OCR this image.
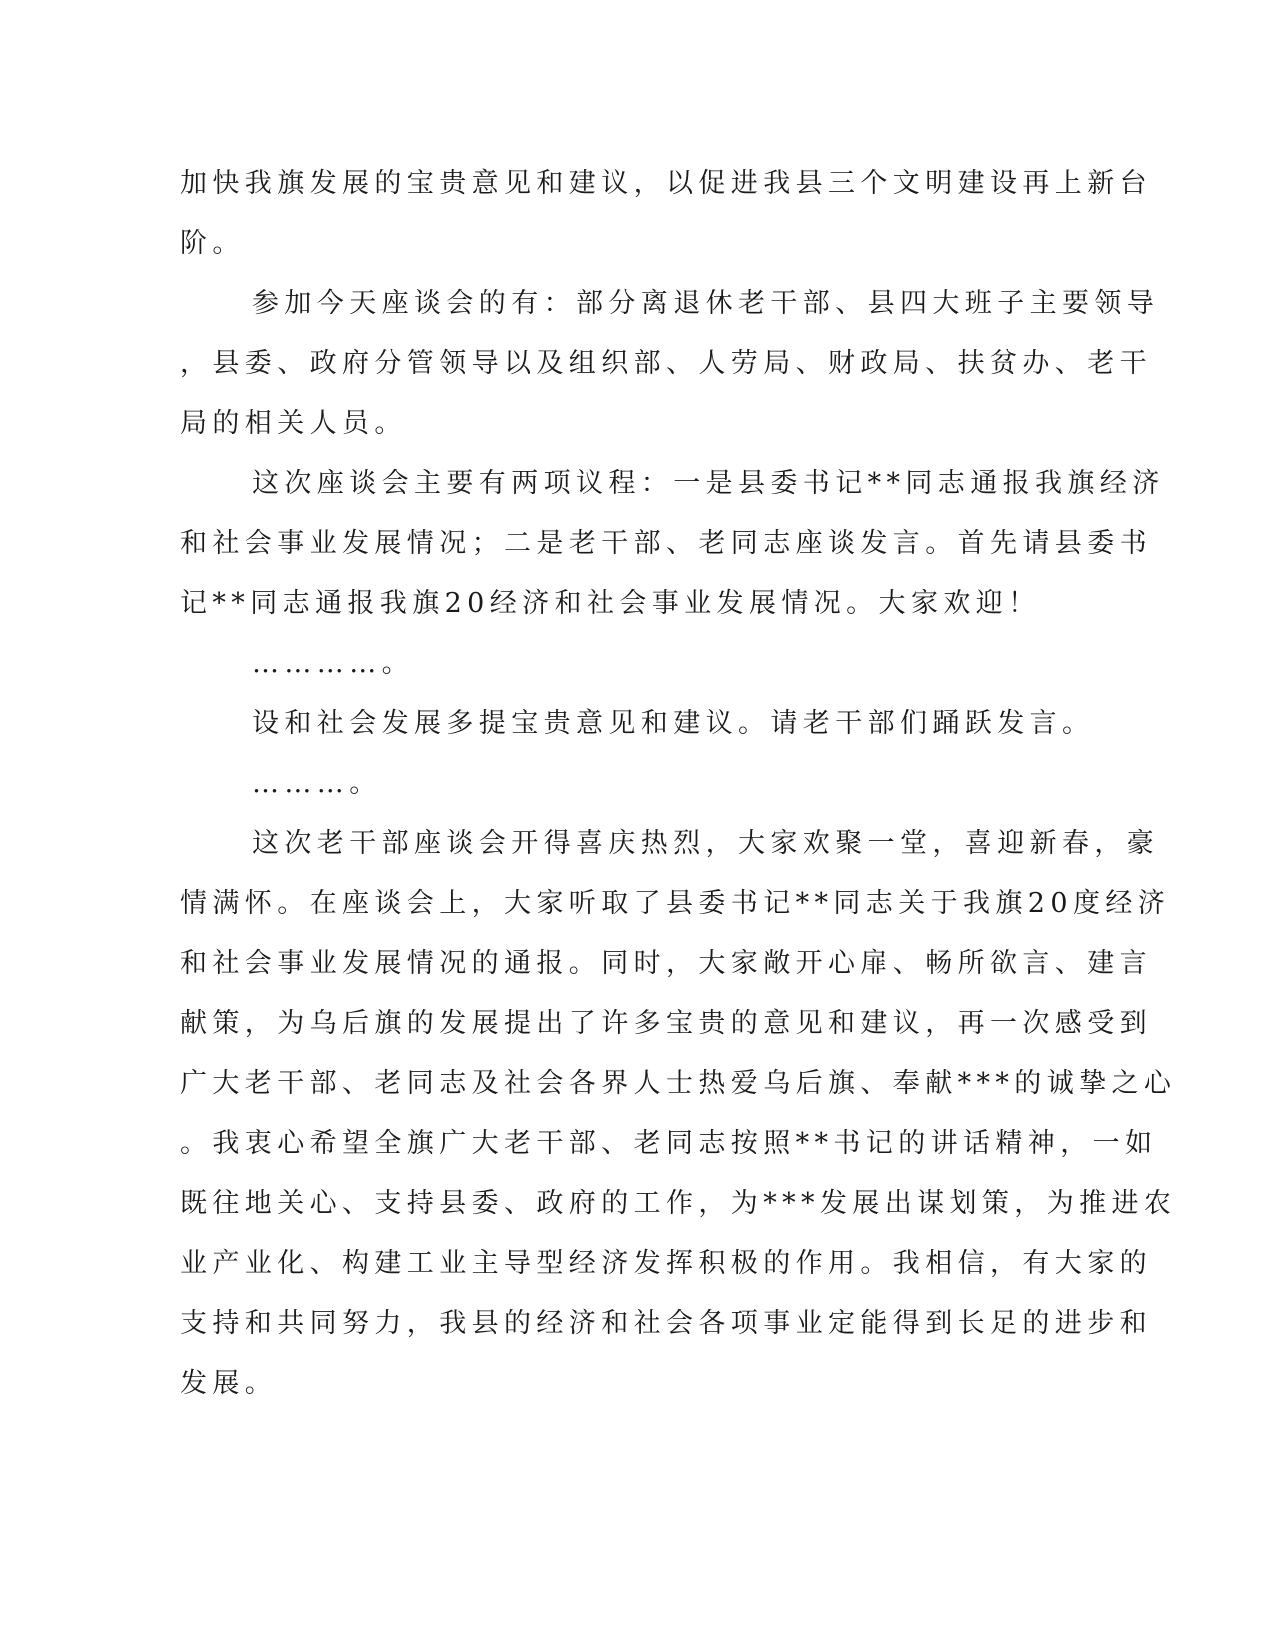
加快我旗发展的宝贵意见和建议，以促进我县三个文明建设再上新台
阶。
参加今天座谈会的有：部分离退休老干部、县四大班子主要领导
，县委、政府分管领导以及组织部、人劳局、财政局、扶贫办、老干
局的相关人员。
这次座谈会主要有两项议程：一是县委书记**同志通报我旗经济
和社会事业发展情况；二是老干部、老同志座谈发言。首先请县委书
记**同志通报我旗20经济和社会事业发展情况。大家欢迎！
…………。
设和社会发展多提宝贵意见和建议。请老干部们踊跃发言。
………。
这次老干部座谈会开得喜庆热烈，大家欢聚一堂，喜迎新春，豪
情满怀。在座谈会上，大家听取了县委书记**同志关于我旗20度经济
和社会事业发展情况的通报。同时，大家敞开心扉、畅所欲言、建言
献策，为乌后旗的发展提出了许多宝贵的意见和建议，再一次感受到
广大老干部、老同志及社会各界人士热爱乌后旗、奉献***的诚挚之心
。我衷心希望全旗广大老干部、老同志按照**书记的讲话精神，一如
既往地关心、支持县委、政府的工作，为***发展出谋划策，为推进农
业产业化、构建工业主导型经济发挥积极的作用。我相信，有大家的
支持和共同努力，我县的经济和社会各项事业定能得到长足的进步和
发展。
